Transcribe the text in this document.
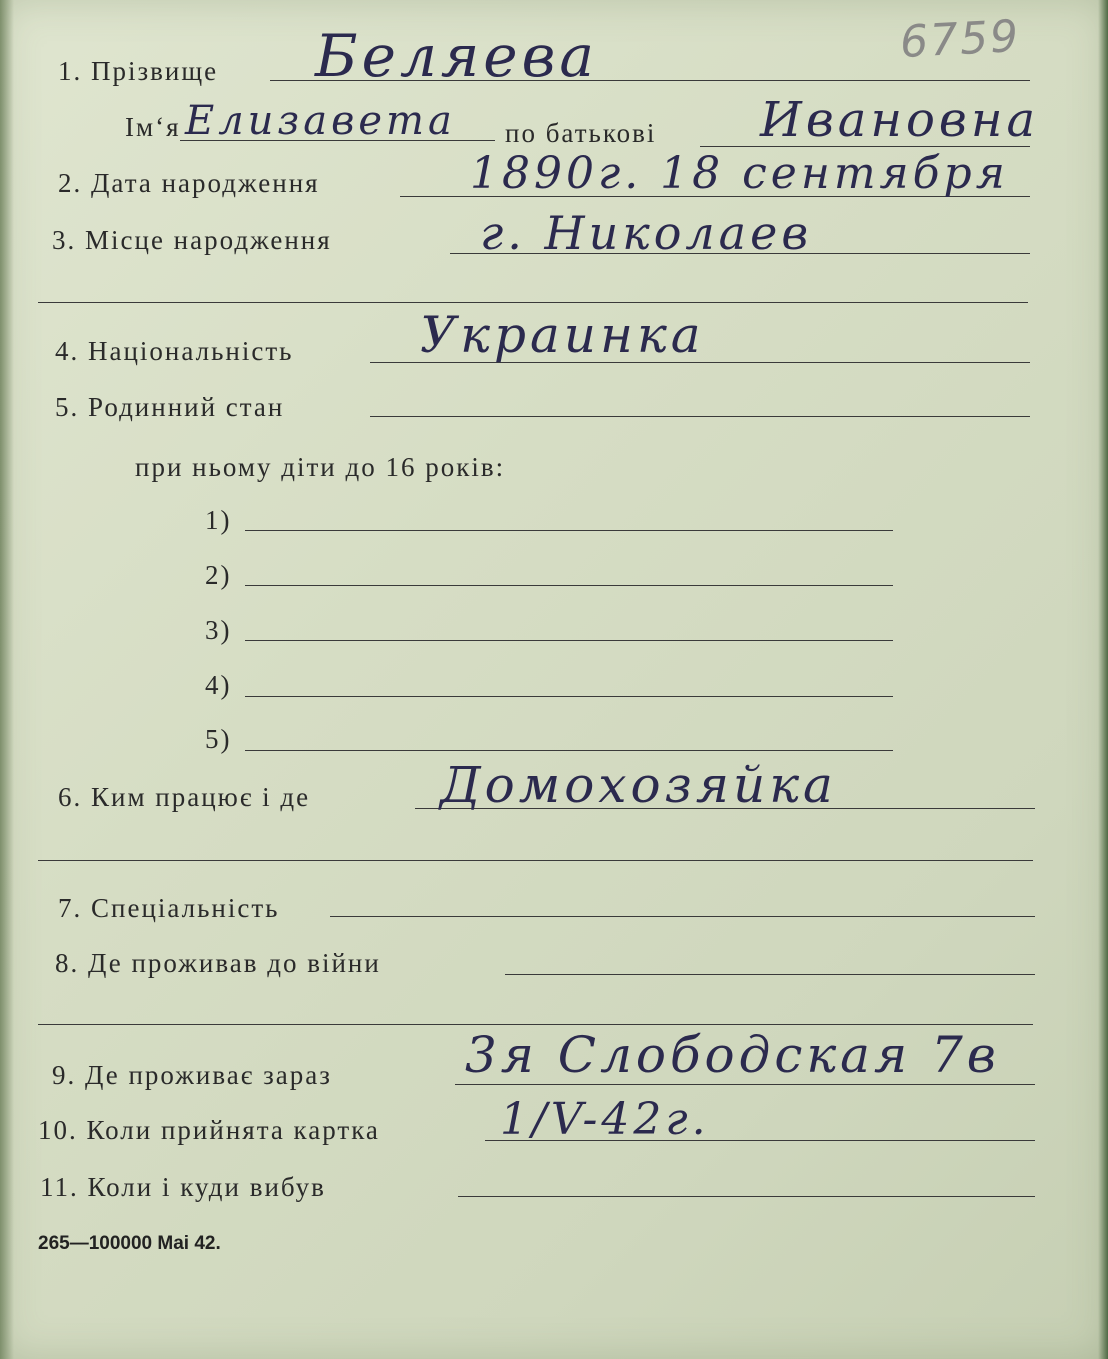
6759
1. Прізвище Беляева
Ім‘я Елизавета по батькові Ивановна
2. Дата народження	1890г. 18 сентября
3. Місце народження	г. Николаев
4. Національність	Украинка
5. Родинний стан
при ньому діти до 16 років:
1)
2)
3)
4)
5)
6. Ким працює і де	Домохозяйка
7. Спеціальність
8. Де проживав до війни
9. Де проживає зараз	3я Слободская 7в
10. Коли прийнята картка	1/V-42г.
11. Коли і куди вибув
265—100000 Mai 42.
